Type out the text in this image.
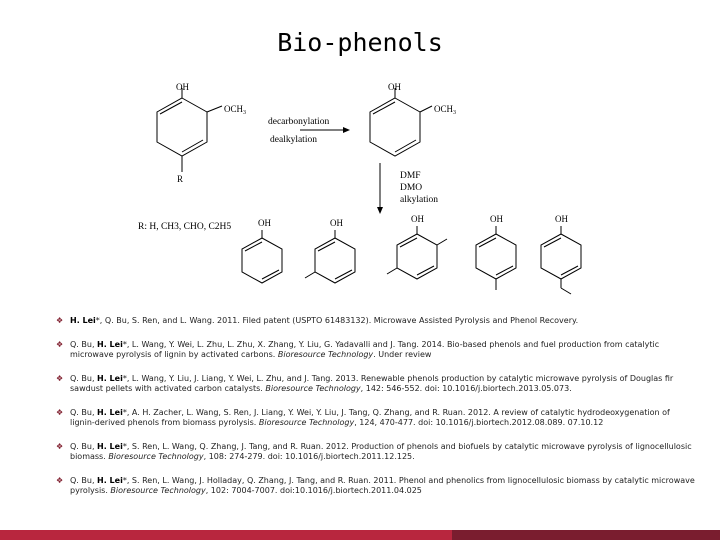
Bio-phenols
OH
$OCH_3$
R
decarbonylation
dealkylation
OH
$OCH_3$
DMF
DMO
alkylation
R: H, CH3, CHO, C2H5	OH	OH	OH	OH	OH
❖ H. Lei*, Q. Bu, S. Ren, and L. Wang. 2011. Filed patent (USPTO 61483132). Microwave Assisted Pyrolysis and Phenol Recovery.
❖ Q. Bu, H. Lei*, L. Wang, Y. Wei, L. Zhu, L. Zhu, X. Zhang, Y. Liu, G. Yadavalli and J. Tang. 2014. Bio-based phenols and fuel production from catalytic microwave pyrolysis of lignin by activated carbons. Bioresource Technology. Under review
❖ Q. Bu, H. Lei*, L. Wang, Y. Liu, J. Liang, Y. Wei, L. Zhu, and J. Tang. 2013. Renewable phenols production by catalytic microwave pyrolysis of Douglas fir sawdust pellets with activated carbon catalysts. Bioresource Technology, 142: 546-552. doi: 10.1016/j.biortech.2013.05.073.
❖ Q. Bu, H. Lei*, A. H. Zacher, L. Wang, S. Ren, J. Liang, Y. Wei, Y. Liu, J. Tang, Q. Zhang, and R. Ruan. 2012. A review of catalytic hydrodeoxygenation of lignin-derived phenols from biomass pyrolysis. Bioresource Technology, 124, 470-477. doi: 10.1016/j.biortech.2012.08.089. 07.10.12
❖ Q. Bu, H. Lei*, S. Ren, L. Wang, Q. Zhang, J. Tang, and R. Ruan. 2012. Production of phenols and biofuels by catalytic microwave pyrolysis of lignocellulosic biomass. Bioresource Technology, 108: 274-279. doi: 10.1016/j.biortech.2011.12.125.
❖ Q. Bu, H. Lei*, S. Ren, L. Wang, J. Holladay, Q. Zhang, J. Tang, and R. Ruan. 2011. Phenol and phenolics from lignocellulosic biomass by catalytic microwave pyrolysis. Bioresource Technology, 102: 7004-7007. doi:10.1016/j.biortech.2011.04.025
